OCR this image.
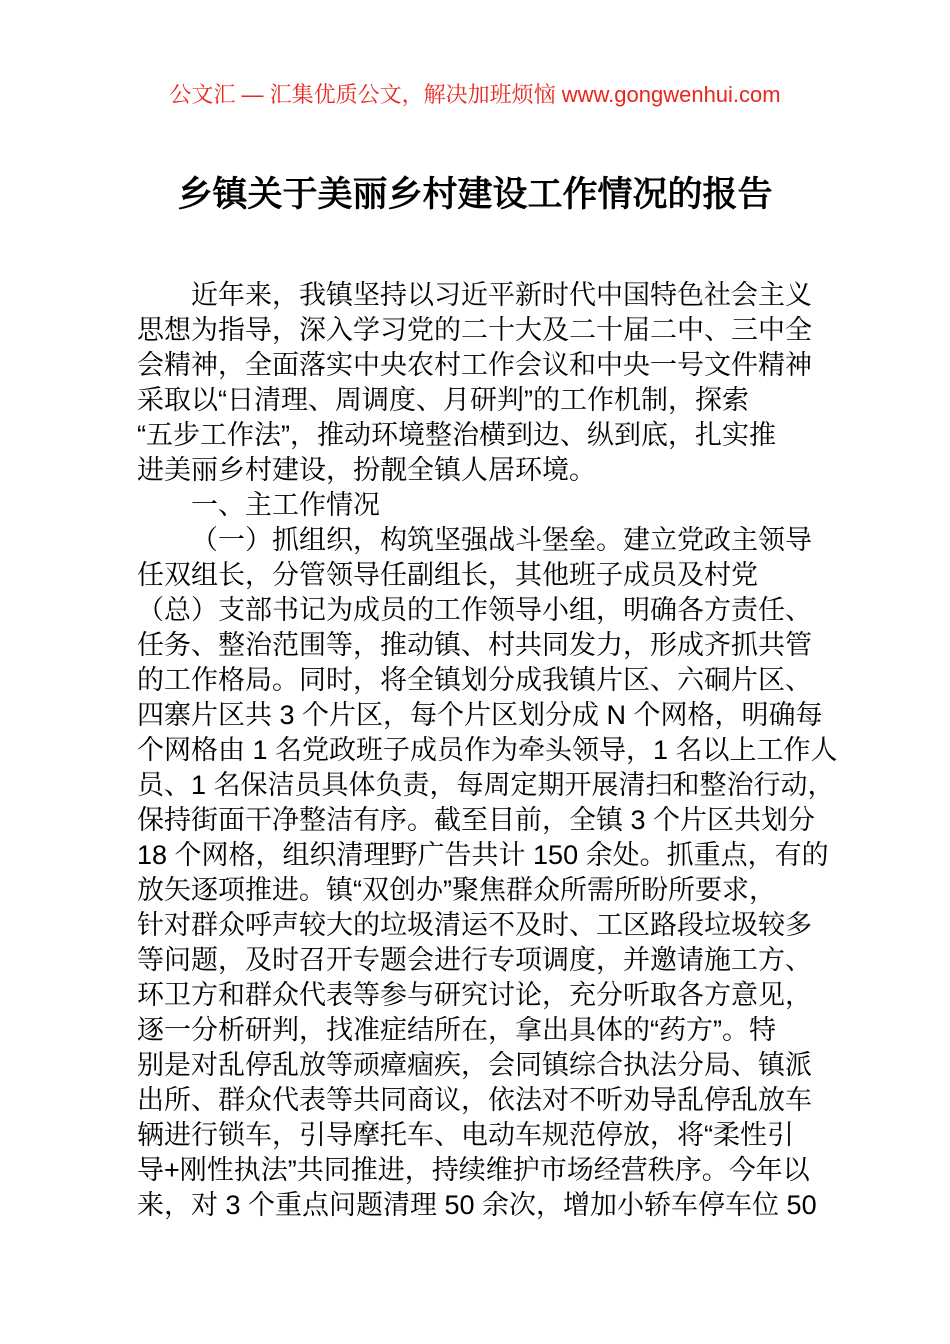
公文汇 — 汇集优质公文，解决加班烦恼 www.gongwenhui.com
乡镇关于美丽乡村建设工作情况的报告
近年来，我镇坚持以习近平新时代中国特色社会主义
思想为指导，深入学习党的二十大及二十届二中、三中全
会精神，全面落实中央农村工作会议和中央一号文件精神
采取以“日清理、周调度、月研判”的工作机制，探索
“五步工作法”，推动环境整治横到边、纵到底，扎实推
进美丽乡村建设，扮靓全镇人居环境。
一、主工作情况
（一）抓组织，构筑坚强战斗堡垒。建立党政主领导
任双组长，分管领导任副组长，其他班子成员及村党
（总）支部书记为成员的工作领导小组，明确各方责任、
任务、整治范围等，推动镇、村共同发力，形成齐抓共管
的工作格局。同时，将全镇划分成我镇片区、六硐片区、
四寨片区共 3 个片区，每个片区划分成 N 个网格，明确每
个网格由 1 名党政班子成员作为牵头领导，1 名以上工作人
员、1 名保洁员具体负责，每周定期开展清扫和整治行动，
保持街面干净整洁有序。截至目前，全镇 3 个片区共划分
18 个网格，组织清理野广告共计 150 余处。抓重点，有的
放矢逐项推进。镇“双创办”聚焦群众所需所盼所要求，
针对群众呼声较大的垃圾清运不及时、工区路段垃圾较多
等问题，及时召开专题会进行专项调度，并邀请施工方、
环卫方和群众代表等参与研究讨论，充分听取各方意见，
逐一分析研判，找准症结所在，拿出具体的“药方”。特
别是对乱停乱放等顽瘴痼疾，会同镇综合执法分局、镇派
出所、群众代表等共同商议，依法对不听劝导乱停乱放车
辆进行锁车，引导摩托车、电动车规范停放，将“柔性引
导+刚性执法”共同推进，持续维护市场经营秩序。今年以
来，对 3 个重点问题清理 50 余次，增加小轿车停车位 50
